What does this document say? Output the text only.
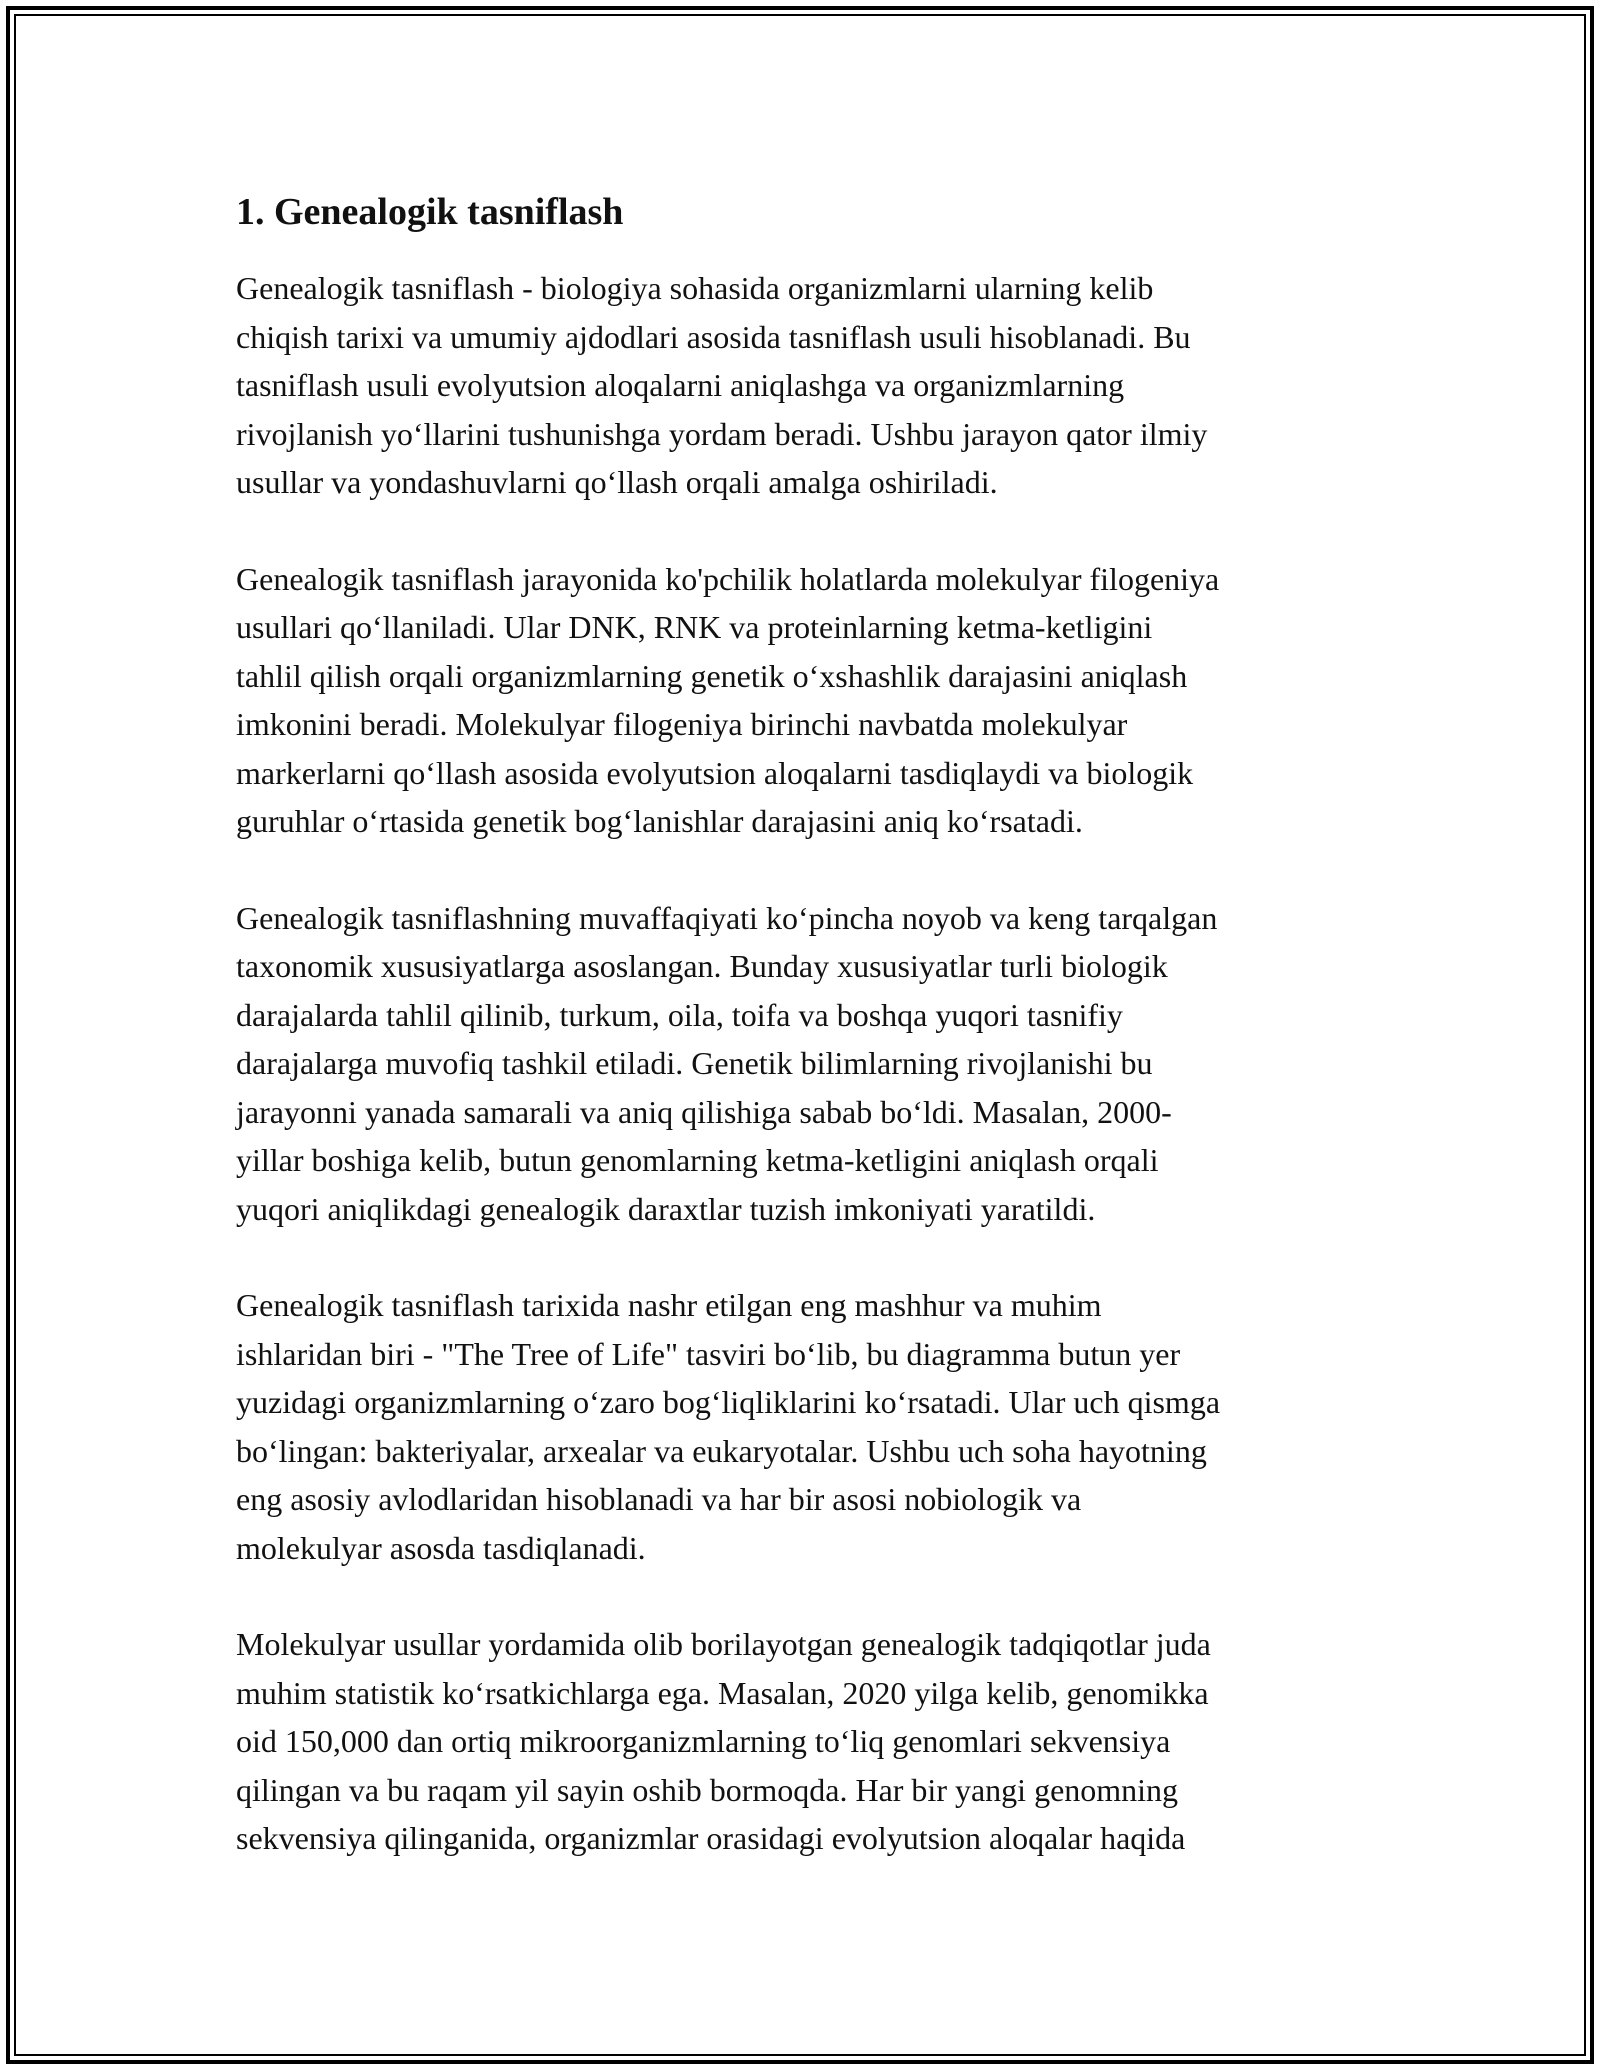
1. Genealogik tasniflash

Genealogik tasniflash - biologiya sohasida organizmlarni ularning kelib
chiqish tarixi va umumiy ajdodlari asosida tasniflash usuli hisoblanadi. Bu
tasniflash usuli evolyutsion aloqalarni aniqlashga va organizmlarning
rivojlanish yoʻllarini tushunishga yordam beradi. Ushbu jarayon qator ilmiy
usullar va yondashuvlarni qoʻllash orqali amalga oshiriladi.

Genealogik tasniflash jarayonida ko'pchilik holatlarda molekulyar filogeniya
usullari qoʻllaniladi. Ular DNK, RNK va proteinlarning ketma-ketligini
tahlil qilish orqali organizmlarning genetik oʻxshashlik darajasini aniqlash
imkonini beradi. Molekulyar filogeniya birinchi navbatda molekulyar
markerlarni qoʻllash asosida evolyutsion aloqalarni tasdiqlaydi va biologik
guruhlar oʻrtasida genetik bogʻlanishlar darajasini aniq koʻrsatadi.

Genealogik tasniflashning muvaffaqiyati koʻpincha noyob va keng tarqalgan
taxonomik xususiyatlarga asoslangan. Bunday xususiyatlar turli biologik
darajalarda tahlil qilinib, turkum, oila, toifa va boshqa yuqori tasnifiy
darajalarga muvofiq tashkil etiladi. Genetik bilimlarning rivojlanishi bu
jarayonni yanada samarali va aniq qilishiga sabab boʻldi. Masalan, 2000-
yillar boshiga kelib, butun genomlarning ketma-ketligini aniqlash orqali
yuqori aniqlikdagi genealogik daraxtlar tuzish imkoniyati yaratildi.

Genealogik tasniflash tarixida nashr etilgan eng mashhur va muhim
ishlaridan biri - "The Tree of Life" tasviri boʻlib, bu diagramma butun yer
yuzidagi organizmlarning oʻzaro bogʻliqliklarini koʻrsatadi. Ular uch qismga
boʻlingan: bakteriyalar, arxealar va eukaryotalar. Ushbu uch soha hayotning
eng asosiy avlodlaridan hisoblanadi va har bir asosi nobiologik va
molekulyar asosda tasdiqlanadi.

Molekulyar usullar yordamida olib borilayotgan genealogik tadqiqotlar juda
muhim statistik koʻrsatkichlarga ega. Masalan, 2020 yilga kelib, genomikka
oid 150,000 dan ortiq mikroorganizmlarning toʻliq genomlari sekvensiya
qilingan va bu raqam yil sayin oshib bormoqda. Har bir yangi genomning
sekvensiya qilinganida, organizmlar orasidagi evolyutsion aloqalar haqida
